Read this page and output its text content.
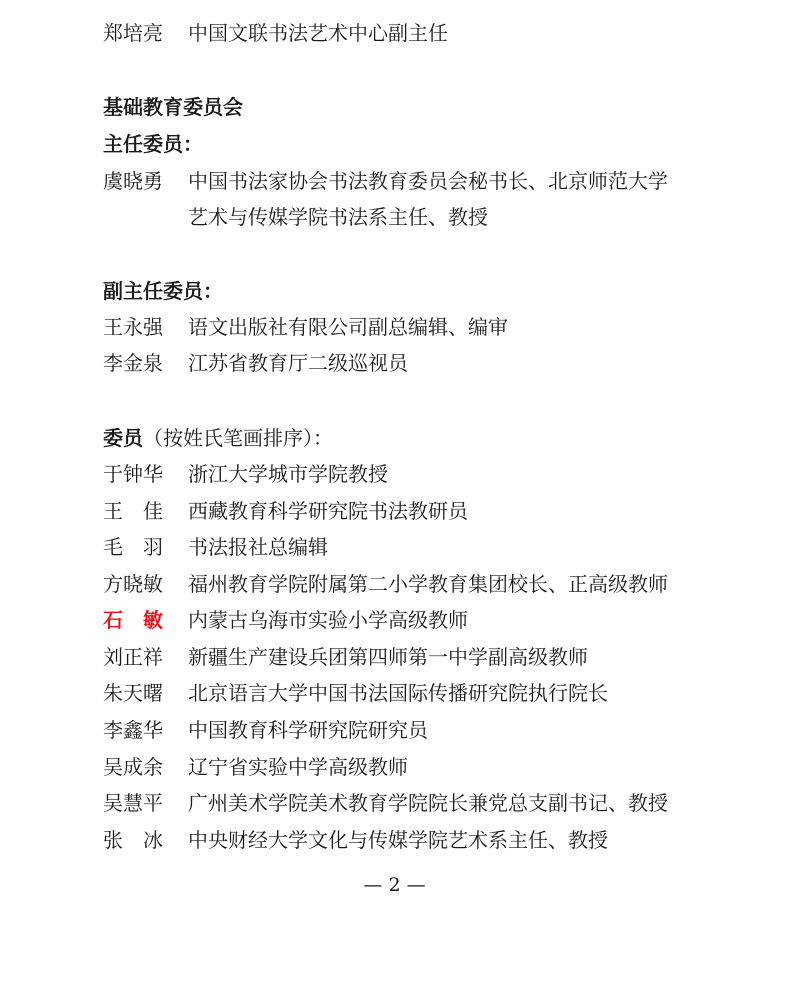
郑培亮 中国文联书法艺术中心副主任
基础教育委员会
主任委员：
虞晓勇 中国书法家协会书法教育委员会秘书长、北京师范大学
艺术与传媒学院书法系主任、教授
副主任委员：
王永强 语文出版社有限公司副总编辑、编审
李金泉 江苏省教育厅二级巡视员
委员（按姓氏笔画排序）：
于钟华 浙江大学城市学院教授
王　佳 西藏教育科学研究院书法教研员
毛　羽 书法报社总编辑
方晓敏 福州教育学院附属第二小学教育集团校长、正高级教师
石　敏 内蒙古乌海市实验小学高级教师
刘正祥 新疆生产建设兵团第四师第一中学副高级教师
朱天曙 北京语言大学中国书法国际传播研究院执行院长
李鑫华 中国教育科学研究院研究员
吴成余 辽宁省实验中学高级教师
吴慧平 广州美术学院美术教育学院院长兼党总支副书记、教授
张　冰 中央财经大学文化与传媒学院艺术系主任、教授
— 2 —
